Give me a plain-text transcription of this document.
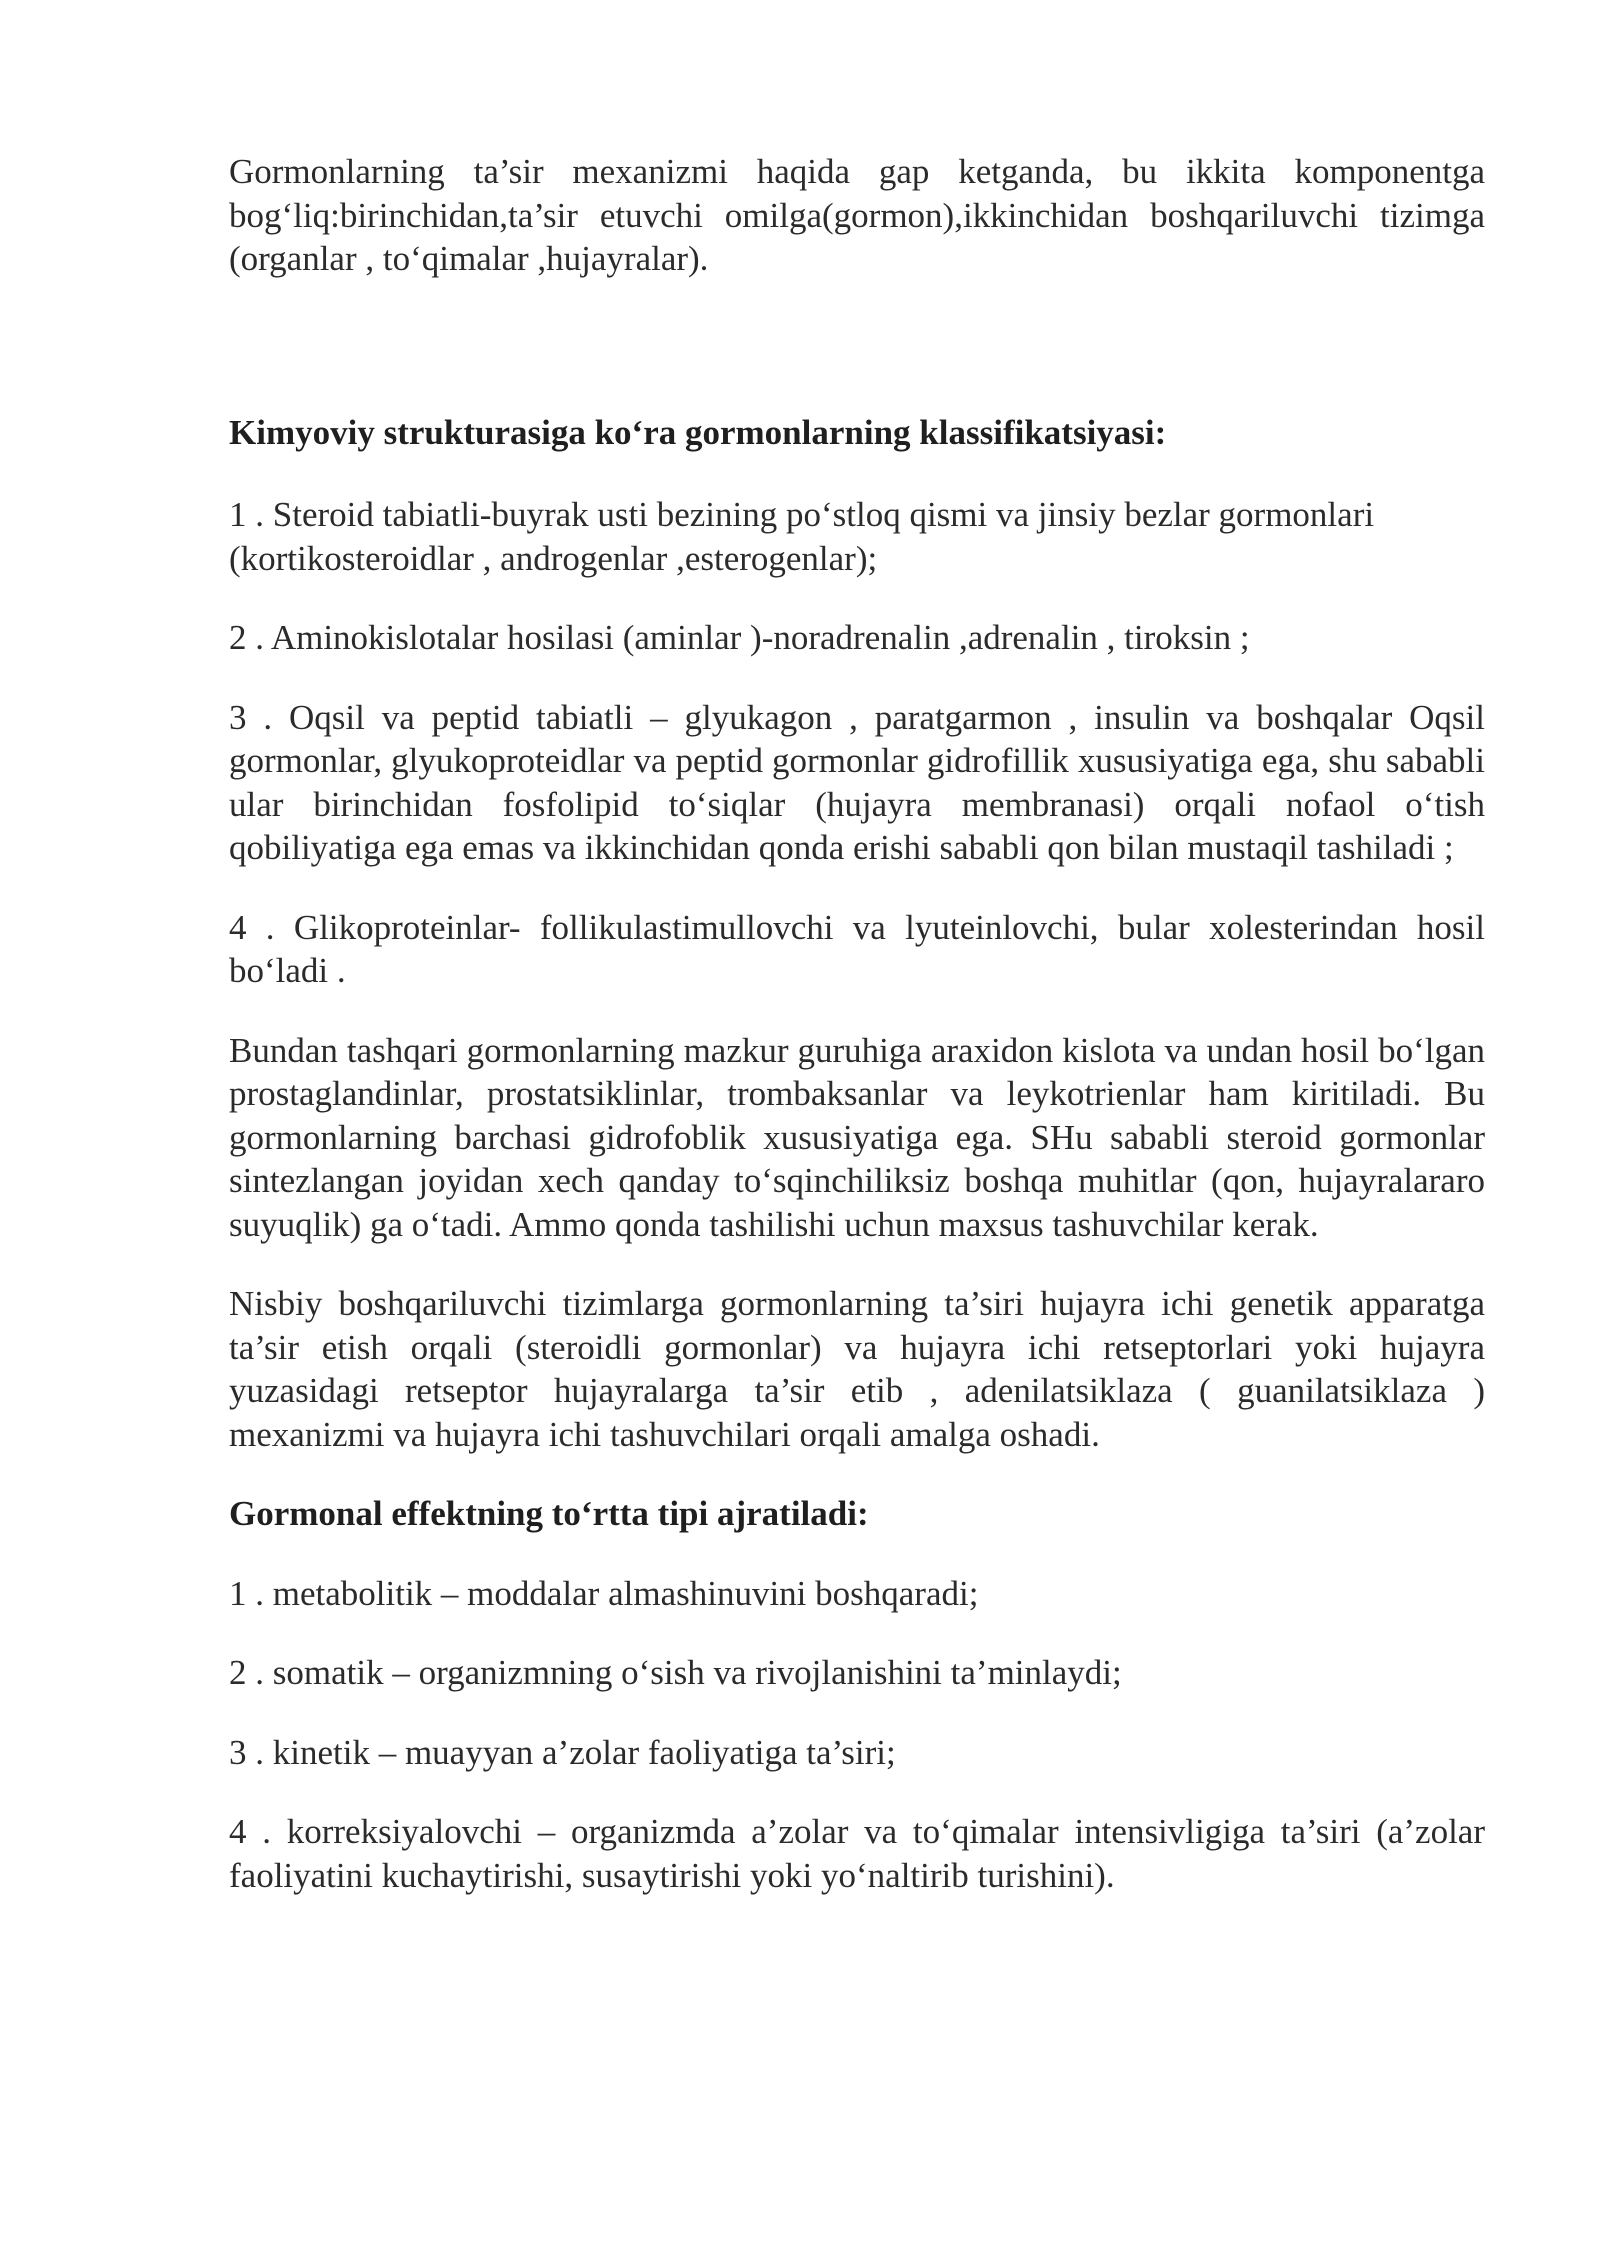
Gormonlarning ta’sir mexanizmi haqida gap ketganda, bu ikkita komponentga bog‘liq:birinchidan,ta’sir etuvchi omilga(gormon),ikkinchidan boshqariluvchi tizimga (organlar , to‘qimalar ,hujayralar).

Kimyoviy strukturasiga ko‘ra gormonlarning klassifikatsiyasi:

1 . Steroid tabiatli-buyrak usti bezining po‘stloq qismi va jinsiy bezlar gormonlari (kortikosteroidlar , androgenlar ,esterogenlar);

2 . Aminokislotalar hosilasi (aminlar )-noradrenalin ,adrenalin , tiroksin ;

3 . Oqsil va peptid tabiatli – glyukagon , paratgarmon , insulin va boshqalar Oqsil gormonlar, glyukoproteidlar va peptid gormonlar gidrofillik xususiyatiga ega, shu sababli ular birinchidan fosfolipid to‘siqlar (hujayra membranasi) orqali nofaol o‘tish qobiliyatiga ega emas va ikkinchidan qonda erishi sababli qon bilan mustaqil tashiladi ;

4 . Glikoproteinlar- follikulastimullovchi va lyuteinlovchi, bular xolesterindan hosil bo‘ladi .

Bundan tashqari gormonlarning mazkur guruhiga araxidon kislota va undan hosil bo‘lgan prostaglandinlar, prostatsiklinlar, trombaksanlar va leykotrienlar ham kiritiladi. Bu gormonlarning barchasi gidrofoblik xususiyatiga ega. SHu sababli steroid gormonlar sintezlangan joyidan xech qanday to‘sqinchiliksiz boshqa muhitlar (qon, hujayralararo suyuqlik) ga o‘tadi. Ammo qonda tashilishi uchun maxsus tashuvchilar kerak.

Nisbiy boshqariluvchi tizimlarga gormonlarning ta’siri hujayra ichi genetik apparatga ta’sir etish orqali (steroidli gormonlar) va hujayra ichi retseptorlari yoki hujayra yuzasidagi retseptor hujayralarga ta’sir etib , adenilatsiklaza ( guanilatsiklaza ) mexanizmi va hujayra ichi tashuvchilari orqali amalga oshadi.

Gormonal effektning to‘rtta tipi ajratiladi:

1 . metabolitik – moddalar almashinuvini boshqaradi;

2 . somatik – organizmning o‘sish va rivojlanishini ta’minlaydi;

3 . kinetik – muayyan a’zolar faoliyatiga ta’siri;

4 . korreksiyalovchi – organizmda a’zolar va to‘qimalar intensivligiga ta’siri (a’zolar faoliyatini kuchaytirishi, susaytirishi yoki yo‘naltirib turishini).
